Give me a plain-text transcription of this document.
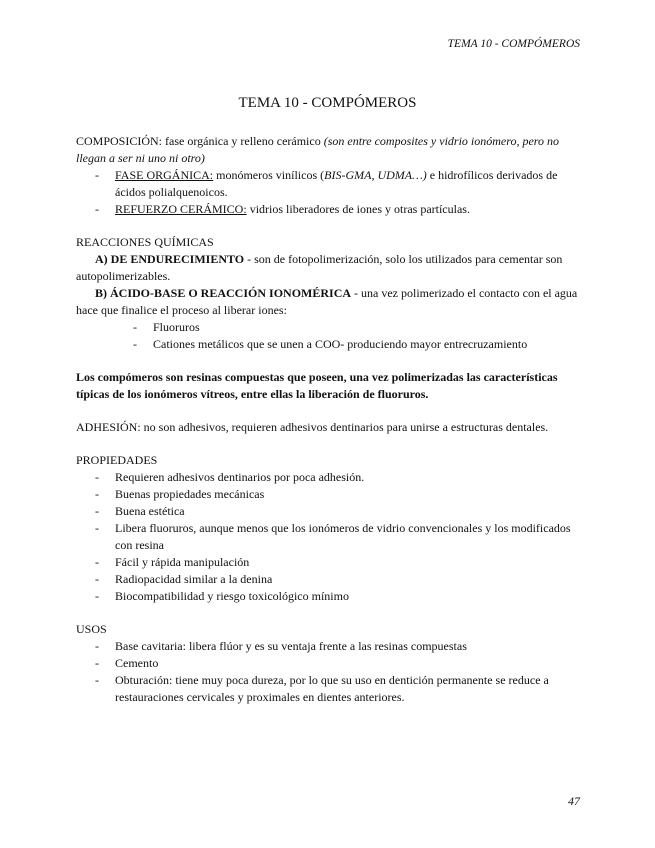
TEMA 10 - COMPÓMEROS
TEMA 10 - COMPÓMEROS

COMPOSICIÓN: fase orgánica y relleno cerámico (son entre composites y vidrio ionómero, pero no llegan a ser ni uno ni otro)

- FASE ORGÁNICA: monómeros vinílicos (BIS-GMA, UDMA…) e hidrofílicos derivados de ácidos polialquenoicos.
- REFUERZO CERÁMICO: vidrios liberadores de iones y otras partículas.

REACCIONES QUÍMICAS

A) DE ENDURECIMIENTO - son de fotopolimerización, solo los utilizados para cementar son autopolimerizables.

B) ÁCIDO-BASE O REACCIÓN IONOMÉRICA - una vez polimerizado el contacto con el agua hace que finalice el proceso al liberar iones:

- Fluoruros
- Cationes metálicos que se unen a COO- produciendo mayor entrecruzamiento

Los compómeros son resinas compuestas que poseen, una vez polimerizadas las características típicas de los ionómeros vítreos, entre ellas la liberación de fluoruros.

ADHESIÓN: no son adhesivos, requieren adhesivos dentinarios para unirse a estructuras dentales.

PROPIEDADES

- Requieren adhesivos dentinarios por poca adhesión.
- Buenas propiedades mecánicas
- Buena estética
- Libera fluoruros, aunque menos que los ionómeros de vidrio convencionales y los modificados con resina
- Fácil y rápida manipulación
- Radiopacidad similar a la denina
- Biocompatibilidad y riesgo toxicológico mínimo

USOS

- Base cavitaria: libera flúor y es su ventaja frente a las resinas compuestas
- Cemento
- Obturación: tiene muy poca dureza, por lo que su uso en dentición permanente se reduce a restauraciones cervicales y proximales en dientes anteriores.
47
